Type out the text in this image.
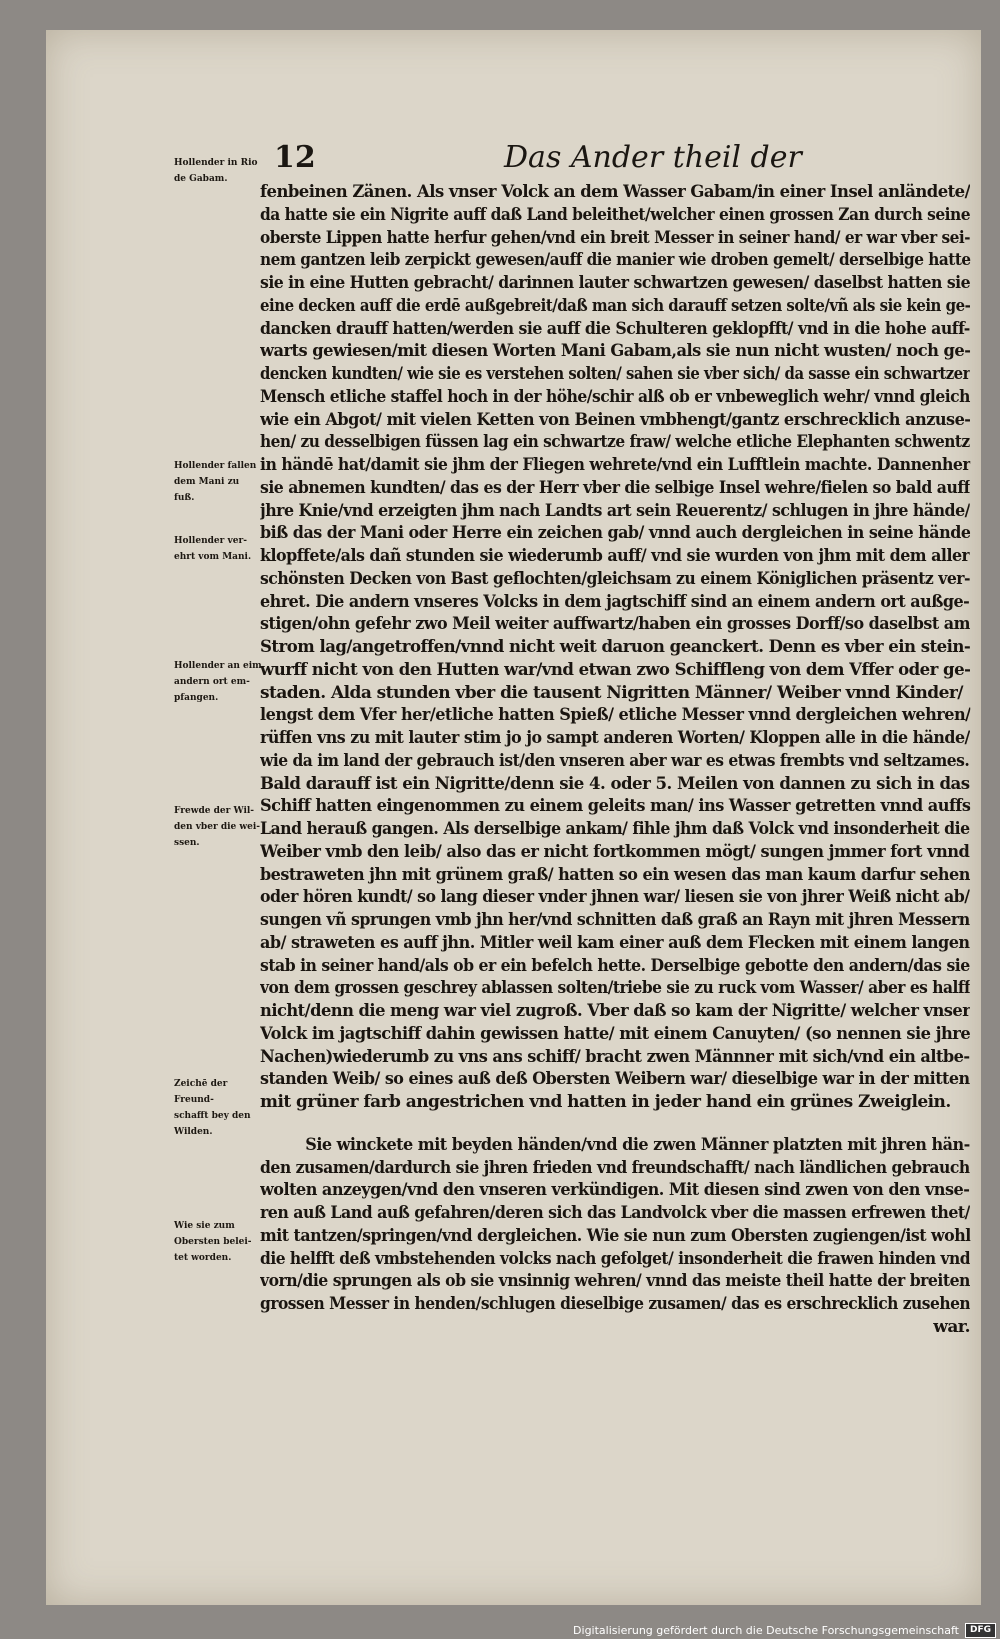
12	Das Ander theil der
Hollender in Rio
de Gabam.
Hollender fallen
dem Mani zu
fuß.
Hollender ver-
ehrt vom Mani.
Hollender an eim
andern ort em-
pfangen.
Frewde der Wil-
den vber die wei-
ssen.
Zeichē der Freund-
schafft bey den
Wilden.
Wie sie zum
Obersten belei-
tet worden.
fenbeinen Zänen. Als vnser Volck an dem Wasser Gabam/in einer Insel anländete/
da hatte sie ein Nigrite auff daß Land beleithet/welcher einen grossen Zan durch seine
oberste Lippen hatte herfur gehen/vnd ein breit Messer in seiner hand/ er war vber sei-
nem gantzen leib zerpickt gewesen/auff die manier wie droben gemelt/ derselbige hatte
sie in eine Hutten gebracht/ darinnen lauter schwartzen gewesen/ daselbst hatten sie
eine decken auff die erdē außgebreit/daß man sich darauff setzen solte/vñ als sie kein ge-
dancken drauff hatten/werden sie auff die Schulteren geklopfft/ vnd in die hohe auff-
warts gewiesen/mit diesen Worten Mani Gabam,als sie nun nicht wusten/ noch ge-
dencken kundten/ wie sie es verstehen solten/ sahen sie vber sich/ da sasse ein schwartzer
Mensch etliche staffel hoch in der höhe/schir alß ob er vnbeweglich wehr/ vnnd gleich
wie ein Abgot/ mit vielen Ketten von Beinen vmbhengt/gantz erschrecklich anzuse-
hen/ zu desselbigen füssen lag ein schwartze fraw/ welche etliche Elephanten schwentz
in händē hat/damit sie jhm der Fliegen wehrete/vnd ein Lufftlein machte. Dannenher
sie abnemen kundten/ das es der Herr vber die selbige Insel wehre/fielen so bald auff
jhre Knie/vnd erzeigten jhm nach Landts art sein Reuerentz/ schlugen in jhre hände/
biß das der Mani oder Herre ein zeichen gab/ vnnd auch dergleichen in seine hände
klopffete/als dañ stunden sie wiederumb auff/ vnd sie wurden von jhm mit dem aller
schönsten Decken von Bast geflochten/gleichsam zu einem Königlichen präsentz ver-
ehret. Die andern vnseres Volcks in dem jagtschiff sind an einem andern ort außge-
stigen/ohn gefehr zwo Meil weiter auffwartz/haben ein grosses Dorff/so daselbst am
Strom lag/angetroffen/vnnd nicht weit daruon geanckert. Denn es vber ein stein-
wurff nicht von den Hutten war/vnd etwan zwo Schiffleng von dem Vffer oder ge-
staden. Alda stunden vber die tausent Nigritten Männer/ Weiber vnnd Kinder/
lengst dem Vfer her/etliche hatten Spieß/ etliche Messer vnnd dergleichen wehren/
rüffen vns zu mit lauter stim jo jo sampt anderen Worten/ Kloppen alle in die hände/
wie da im land der gebrauch ist/den vnseren aber war es etwas frembts vnd seltzames.
Bald darauff ist ein Nigritte/denn sie 4. oder 5. Meilen von dannen zu sich in das
Schiff hatten eingenommen zu einem geleits man/ ins Wasser getretten vnnd auffs
Land herauß gangen. Als derselbige ankam/ fihle jhm daß Volck vnd insonderheit die
Weiber vmb den leib/ also das er nicht fortkommen mögt/ sungen jmmer fort vnnd
bestraweten jhn mit grünem graß/ hatten so ein wesen das man kaum darfur sehen
oder hören kundt/ so lang dieser vnder jhnen war/ liesen sie von jhrer Weiß nicht ab/
sungen vñ sprungen vmb jhn her/vnd schnitten daß graß an Rayn mit jhren Messern
ab/ straweten es auff jhn. Mitler weil kam einer auß dem Flecken mit einem langen
stab in seiner hand/als ob er ein befelch hette. Derselbige gebotte den andern/das sie
von dem grossen geschrey ablassen solten/triebe sie zu ruck vom Wasser/ aber es halff
nicht/denn die meng war viel zugroß. Vber daß so kam der Nigritte/ welcher vnser
Volck im jagtschiff dahin gewissen hatte/ mit einem Canuyten/ (so nennen sie jhre
Nachen)wiederumb zu vns ans schiff/ bracht zwen Männner mit sich/vnd ein altbe-
standen Weib/ so eines auß deß Obersten Weibern war/ dieselbige war in der mitten
mit grüner farb angestrichen vnd hatten in jeder hand ein grünes Zweiglein.
Sie winckete mit beyden händen/vnd die zwen Männer platzten mit jhren hän-
den zusamen/dardurch sie jhren frieden vnd freundschafft/ nach ländlichen gebrauch
wolten anzeygen/vnd den vnseren verkündigen. Mit diesen sind zwen von den vnse-
ren auß Land auß gefahren/deren sich das Landvolck vber die massen erfrewen thet/
mit tantzen/springen/vnd dergleichen. Wie sie nun zum Obersten zugiengen/ist wohl
die helfft deß vmbstehenden volcks nach gefolget/ insonderheit die frawen hinden vnd
vorn/die sprungen als ob sie vnsinnig wehren/ vnnd das meiste theil hatte der breiten
grossen Messer in henden/schlugen dieselbige zusamen/ das es erschrecklich zusehen
war.
Digitalisierung gefördert durch die Deutsche Forschungsgemeinschaft	DFG
